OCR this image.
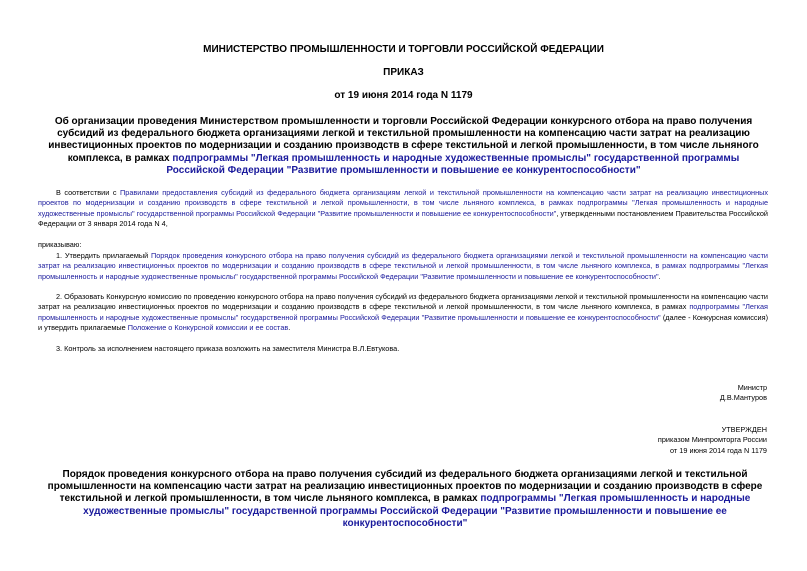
МИНИСТЕРСТВО ПРОМЫШЛЕННОСТИ И ТОРГОВЛИ РОССИЙСКОЙ ФЕДЕРАЦИИ
ПРИКАЗ
от 19 июня 2014 года N 1179
Об организации проведения Министерством промышленности и торговли Российской Федерации конкурсного отбора на право получения субсидий из федерального бюджета организациями легкой и текстильной промышленности на компенсацию части затрат на реализацию инвестиционных проектов по модернизации и созданию производств в сфере текстильной и легкой промышленности, в том числе льняного комплекса, в рамках подпрограммы "Легкая промышленность и народные художественные промыслы" государственной программы Российской Федерации "Развитие промышленности и повышение ее конкурентоспособности"
В соответствии с Правилами предоставления субсидий из федерального бюджета организациям легкой и текстильной промышленности на компенсацию части затрат на реализацию инвестиционных проектов по модернизации и созданию производств в сфере текстильной и легкой промышленности, в том числе льняного комплекса, в рамках подпрограммы "Легкая промышленность и народные художественные промыслы" государственной программы Российской Федерации "Развитие промышленности и повышение ее конкурентоспособности", утвержденными постановлением Правительства Российской Федерации от 3 января 2014 года N 4,
приказываю:
1. Утвердить прилагаемый Порядок проведения конкурсного отбора на право получения субсидий из федерального бюджета организациями легкой и текстильной промышленности на компенсацию части затрат на реализацию инвестиционных проектов по модернизации и созданию производств в сфере текстильной и легкой промышленности, в том числе льняного комплекса, в рамках подпрограммы "Легкая промышленность и народные художественные промыслы" государственной программы Российской Федерации "Развитие промышленности и повышение ее конкурентоспособности".
2. Образовать Конкурсную комиссию по проведению конкурсного отбора на право получения субсидий из федерального бюджета организациями легкой и текстильной промышленности на компенсацию части затрат на реализацию инвестиционных проектов по модернизации и созданию производств в сфере текстильной и легкой промышленности, в том числе льняного комплекса, в рамках подпрограммы "Легкая промышленность и народные художественные промыслы" государственной программы Российской Федерации "Развитие промышленности и повышение ее конкурентоспособности" (далее - Конкурсная комиссия) и утвердить прилагаемые Положение о Конкурсной комиссии и ее состав.
3. Контроль за исполнением настоящего приказа возложить на заместителя Министра В.Л.Евтукова.
Министр
Д.В.Мантуров
УТВЕРЖДЕН
приказом Минпромторга России
от 19 июня 2014 года N 1179
Порядок проведения конкурсного отбора на право получения субсидий из федерального бюджета организациями легкой и текстильной промышленности на компенсацию части затрат на реализацию инвестиционных проектов по модернизации и созданию производств в сфере текстильной и легкой промышленности, в том числе льняного комплекса, в рамках подпрограммы "Легкая промышленность и народные художественные промыслы" государственной программы Российской Федерации "Развитие промышленности и повышение ее конкурентоспособности"
